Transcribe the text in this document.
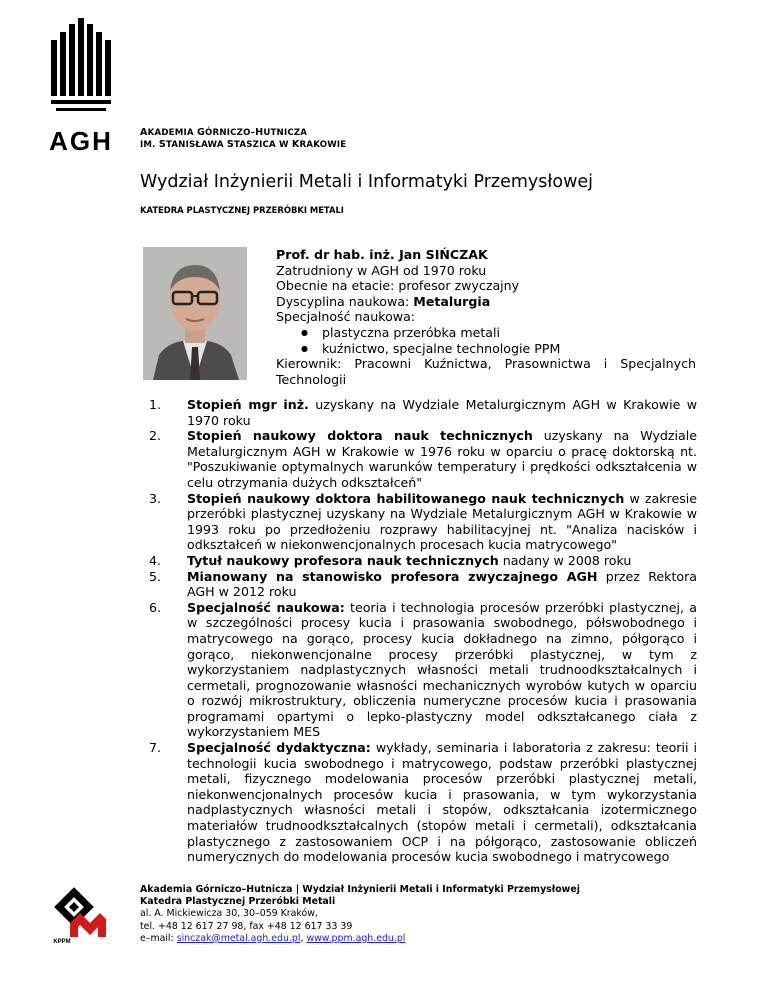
AGH	AKADEMIA GÓRNICZO–HUTNICZA
IM. STANISŁAWA STASZICA W KRAKOWIE
Wydział Inżynierii Metali i Informatyki Przemysłowej
KATEDRA PLASTYCZNEJ PRZERÓBKI METALI

Prof. dr hab. inż. Jan SIŃCZAK

Zatrudniony w AGH od 1970 roku

Obecnie na etacie: profesor zwyczajny

Dyscyplina naukowa: Metalurgia

Specjalność naukowa:

● plastyczna przeróbka metali
● kuźnictwo, specjalne technologie PPM

Kierownik: Pracowni Kuźnictwa, Prasownictwa i Specjalnych Technologii

1. Stopień mgr inż. uzyskany na Wydziale Metalurgicznym AGH w Krakowie w 1970 roku
2. Stopień naukowy doktora nauk technicznych uzyskany na Wydziale Metalurgicznym AGH w Krakowie w 1976 roku w oparciu o pracę doktorską nt. "Poszukiwanie optymalnych warunków temperatury i prędkości odkształcenia w celu otrzymania dużych odkształceń"
3. Stopień naukowy doktora habilitowanego nauk technicznych w zakresie przeróbki plastycznej uzyskany na Wydziale Metalurgicznym AGH w Krakowie w 1993 roku po przedłożeniu rozprawy habilitacyjnej nt. "Analiza nacisków i odkształceń w niekonwencjonalnych procesach kucia matrycowego"
4. Tytuł naukowy profesora nauk technicznych nadany w 2008 roku
5. Mianowany na stanowisko profesora zwyczajnego AGH przez Rektora AGH w 2012 roku
6. Specjalność naukowa: teoria i technologia procesów przeróbki plastycznej, a w szczególności procesy kucia i prasowania swobodnego, półswobodnego i matrycowego na gorąco, procesy kucia dokładnego na zimno, półgorąco i gorąco, niekonwencjonalne procesy przeróbki plastycznej, w tym z wykorzystaniem nadplastycznych własności metali trudnoodkształcalnych i cermetali, prognozowanie własności mechanicznych wyrobów kutych w oparciu o rozwój mikrostruktury, obliczenia numeryczne procesów kucia i prasowania programami opartymi o lepko-plastyczny model odkształcanego ciała z wykorzystaniem MES
7. Specjalność dydaktyczna: wykłady, seminaria i laboratoria z zakresu: teorii i technologii kucia swobodnego i matrycowego, podstaw przeróbki plastycznej metali, fizycznego modelowania procesów przeróbki plastycznej metali, niekonwencjonalnych procesów kucia i prasowania, w tym wykorzystania nadplastycznych własności metali i stopów, odkształcania izotermicznego materiałów trudnoodkształcalnych (stopów metali i cermetali), odkształcania plastycznego z zastosowaniem OCP i na półgorąco, zastosowanie obliczeń numerycznych do modelowania procesów kucia swobodnego i matrycowego
KPPM
Akademia Górniczo–Hutnicza | Wydział Inżynierii Metali i Informatyki Przemysłowej
Katedra Plastycznej Przeróbki Metali
al. A. Mickiewicza 30, 30–059 Kraków,
tel. +48 12 617 27 98, fax +48 12 617 33 39
e–mail: sinczak@metal.agh.edu.pl, www.ppm.agh.edu.pl
